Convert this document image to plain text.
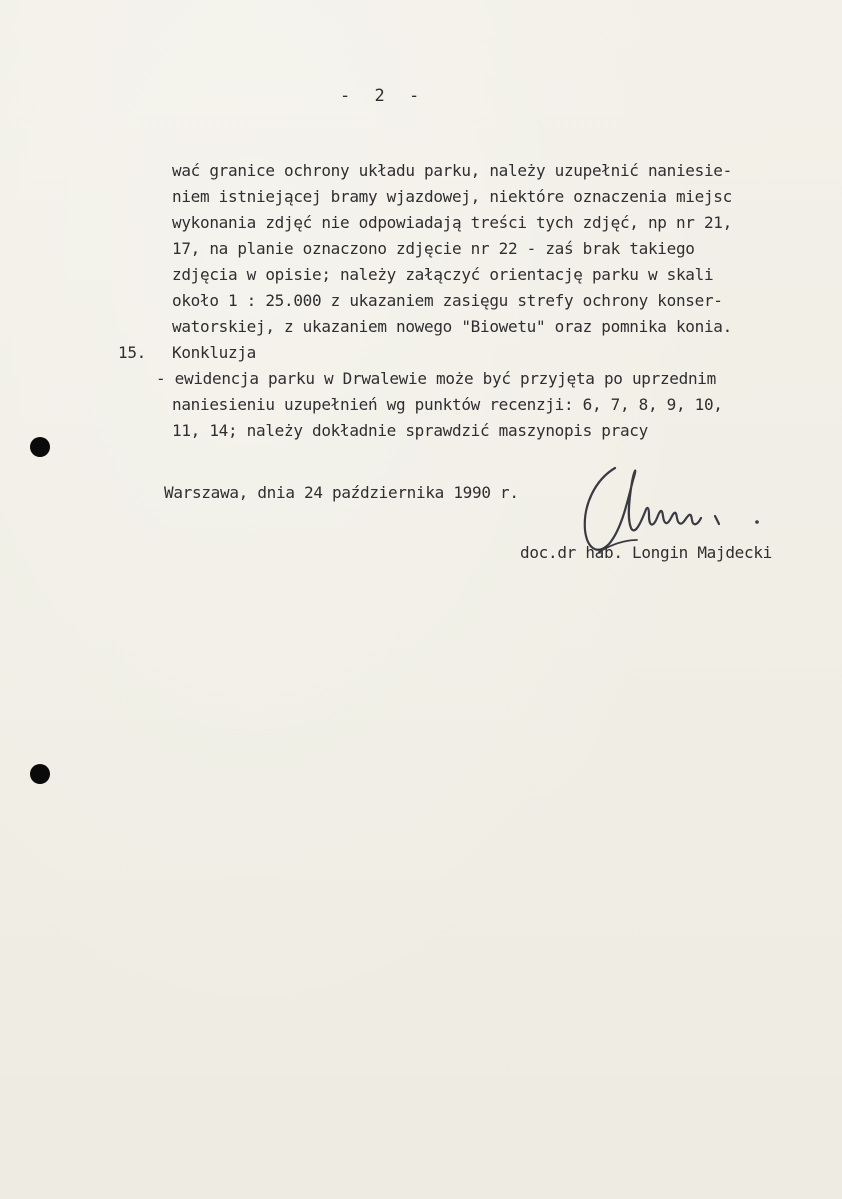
- 2 -
wać granice ochrony układu parku, należy uzupełnić naniesie-
niem istniejącej bramy wjazdowej, niektóre oznaczenia miejsc
wykonania zdjęć nie odpowiadają treści tych zdjęć, np nr 21,
17, na planie oznaczono zdjęcie nr 22 - zaś brak takiego
zdjęcia w opisie; należy załączyć orientację parku w skali
około 1 : 25.000 z ukazaniem zasięgu strefy ochrony konser-
watorskiej, z ukazaniem nowego "Biowetu" oraz pomnika konia.
15. Konkluzja
- ewidencja parku w Drwalewie może być przyjęta po uprzednim
naniesieniu uzupełnień wg punktów recenzji: 6, 7, 8, 9, 10,
11, 14; należy dokładnie sprawdzić maszynopis pracy
Warszawa, dnia 24 października 1990 r.
doc.dr hab. Longin Majdecki
